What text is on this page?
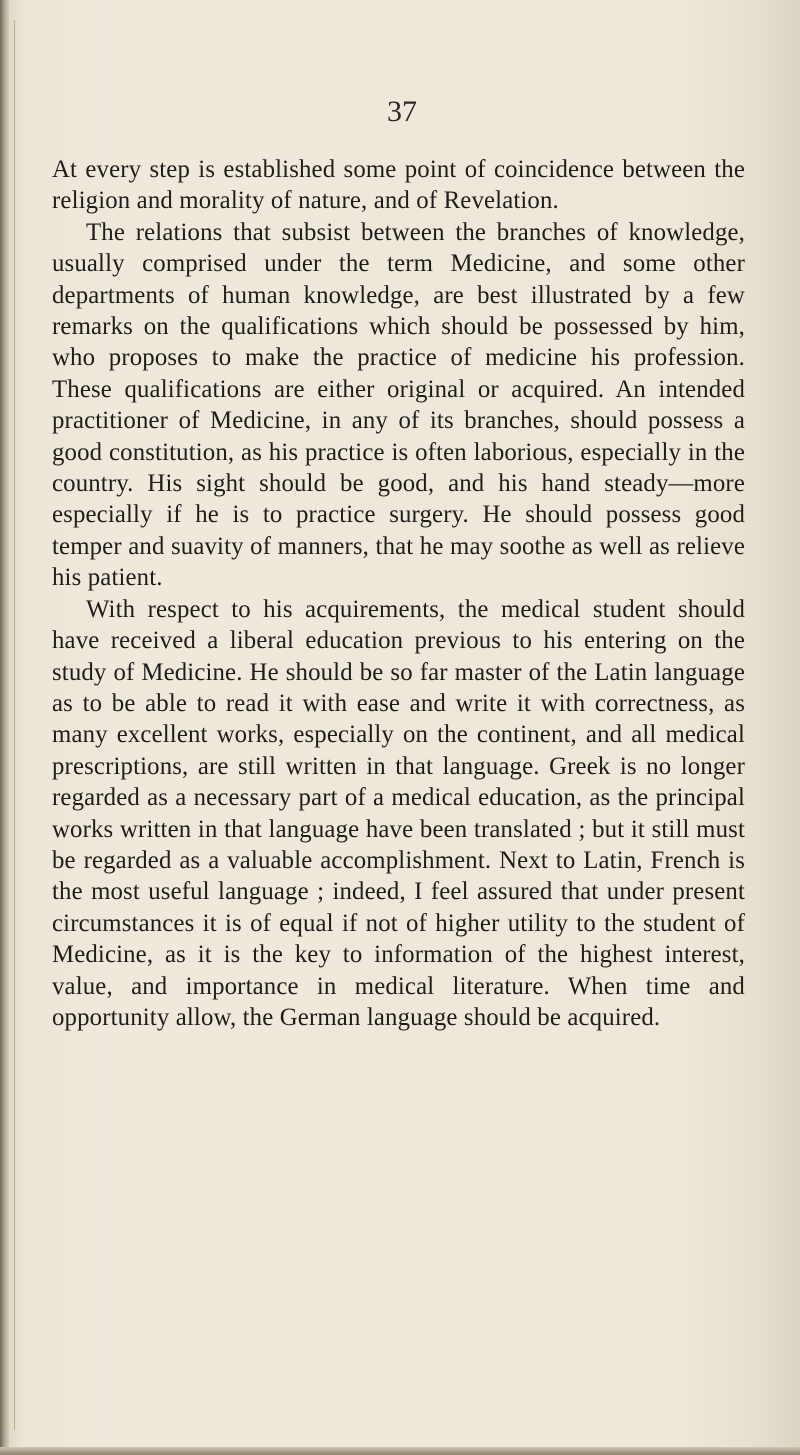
37

At every step is established some point of coincidence between the religion and morality of nature, and of Revelation.

The relations that subsist between the branches of knowledge, usually comprised under the term Medicine, and some other departments of human knowledge, are best illustrated by a few remarks on the qualifications which should be possessed by him, who proposes to make the practice of medicine his profession. These qualifications are either original or acquired. An intended practitioner of Medicine, in any of its branches, should possess a good constitution, as his practice is often laborious, especially in the country. His sight should be good, and his hand steady—more especially if he is to practice surgery. He should possess good temper and suavity of manners, that he may soothe as well as relieve his patient.

With respect to his acquirements, the medical student should have received a liberal education previous to his entering on the study of Medicine. He should be so far master of the Latin language as to be able to read it with ease and write it with correctness, as many excellent works, especially on the continent, and all medical prescriptions, are still written in that language. Greek is no longer regarded as a necessary part of a medical education, as the principal works written in that language have been translated ; but it still must be regarded as a valuable accomplishment. Next to Latin, French is the most useful language ; indeed, I feel assured that under present circumstances it is of equal if not of higher utility to the student of Medicine, as it is the key to information of the highest interest, value, and importance in medical literature. When time and opportunity allow, the German language should be acquired.
